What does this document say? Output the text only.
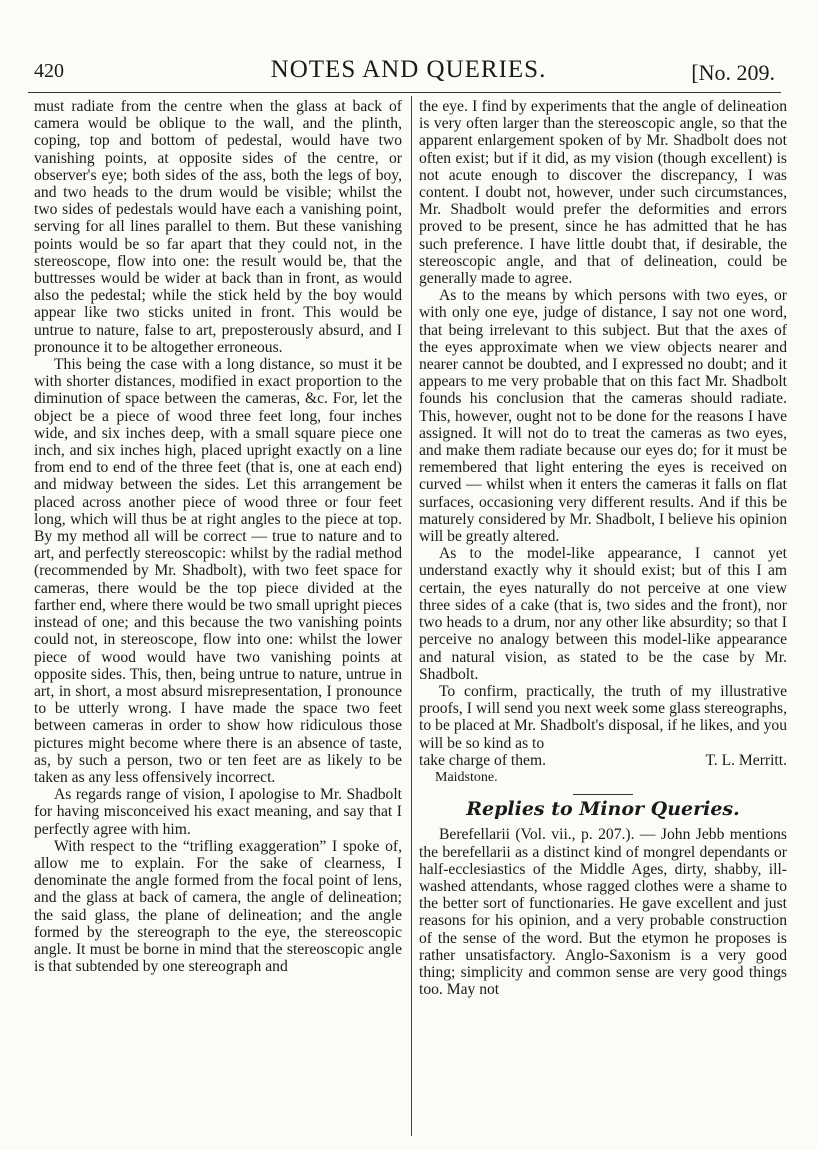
420	NOTES AND QUERIES.	[No. 209.

must radiate from the centre when the glass at back of camera would be oblique to the wall, and the plinth, coping, top and bottom of pedestal, would have two vanishing points, at opposite sides of the centre, or observer's eye; both sides of the ass, both the legs of boy, and two heads to the drum would be visible; whilst the two sides of pedestals would have each a vanishing point, serving for all lines parallel to them. But these vanishing points would be so far apart that they could not, in the stereoscope, flow into one: the result would be, that the buttresses would be wider at back than in front, as would also the pedestal; while the stick held by the boy would appear like two sticks united in front. This would be untrue to nature, false to art, preposterously absurd, and I pronounce it to be altogether erroneous.

This being the case with a long distance, so must it be with shorter distances, modified in exact proportion to the diminution of space between the cameras, &c. For, let the object be a piece of wood three feet long, four inches wide, and six inches deep, with a small square piece one inch, and six inches high, placed upright exactly on a line from end to end of the three feet (that is, one at each end) and midway between the sides. Let this arrangement be placed across another piece of wood three or four feet long, which will thus be at right angles to the piece at top. By my method all will be correct — true to nature and to art, and perfectly stereoscopic: whilst by the radial method (recommended by Mr. Shadbolt), with two feet space for cameras, there would be the top piece divided at the farther end, where there would be two small upright pieces instead of one; and this because the two vanishing points could not, in stereoscope, flow into one: whilst the lower piece of wood would have two vanishing points at opposite sides. This, then, being untrue to nature, untrue in art, in short, a most absurd misrepresentation, I pronounce to be utterly wrong. I have made the space two feet between cameras in order to show how ridiculous those pictures might become where there is an absence of taste, as, by such a person, two or ten feet are as likely to be taken as any less offensively incorrect.

As regards range of vision, I apologise to Mr. Shadbolt for having misconceived his exact meaning, and say that I perfectly agree with him.

With respect to the “trifling exaggeration” I spoke of, allow me to explain. For the sake of clearness, I denominate the angle formed from the focal point of lens, and the glass at back of camera, the angle of delineation; the said glass, the plane of delineation; and the angle formed by the stereograph to the eye, the stereoscopic angle. It must be borne in mind that the stereoscopic angle is that subtended by one stereograph and

the eye. I find by experiments that the angle of delineation is very often larger than the stereoscopic angle, so that the apparent enlargement spoken of by Mr. Shadbolt does not often exist; but if it did, as my vision (though excellent) is not acute enough to discover the discrepancy, I was content. I doubt not, however, under such circumstances, Mr. Shadbolt would prefer the deformities and errors proved to be present, since he has admitted that he has such preference. I have little doubt that, if desirable, the stereoscopic angle, and that of delineation, could be generally made to agree.

As to the means by which persons with two eyes, or with only one eye, judge of distance, I say not one word, that being irrelevant to this subject. But that the axes of the eyes approximate when we view objects nearer and nearer cannot be doubted, and I expressed no doubt; and it appears to me very probable that on this fact Mr. Shadbolt founds his conclusion that the cameras should radiate. This, however, ought not to be done for the reasons I have assigned. It will not do to treat the cameras as two eyes, and make them radiate because our eyes do; for it must be remembered that light entering the eyes is received on curved — whilst when it enters the cameras it falls on flat surfaces, occasioning very different results. And if this be maturely considered by Mr. Shadbolt, I believe his opinion will be greatly altered.

As to the model-like appearance, I cannot yet understand exactly why it should exist; but of this I am certain, the eyes naturally do not perceive at one view three sides of a cake (that is, two sides and the front), nor two heads to a drum, nor any other like absurdity; so that I perceive no analogy between this model-like appearance and natural vision, as stated to be the case by Mr. Shadbolt.

To confirm, practically, the truth of my illustrative proofs, I will send you next week some glass stereographs, to be placed at Mr. Shadbolt's disposal, if he likes, and you will be so kind as to

take charge of them.	T. L. Merritt.
Maidstone.
Replies to Minor Queries.

Berefellarii (Vol. vii., p. 207.). — John Jebb mentions the berefellarii as a distinct kind of mongrel dependants or half-ecclesiastics of the Middle Ages, dirty, shabby, ill-washed attendants, whose ragged clothes were a shame to the better sort of functionaries. He gave excellent and just reasons for his opinion, and a very probable construction of the sense of the word. But the etymon he proposes is rather unsatisfactory. Anglo-Saxonism is a very good thing; simplicity and common sense are very good things too. May not
